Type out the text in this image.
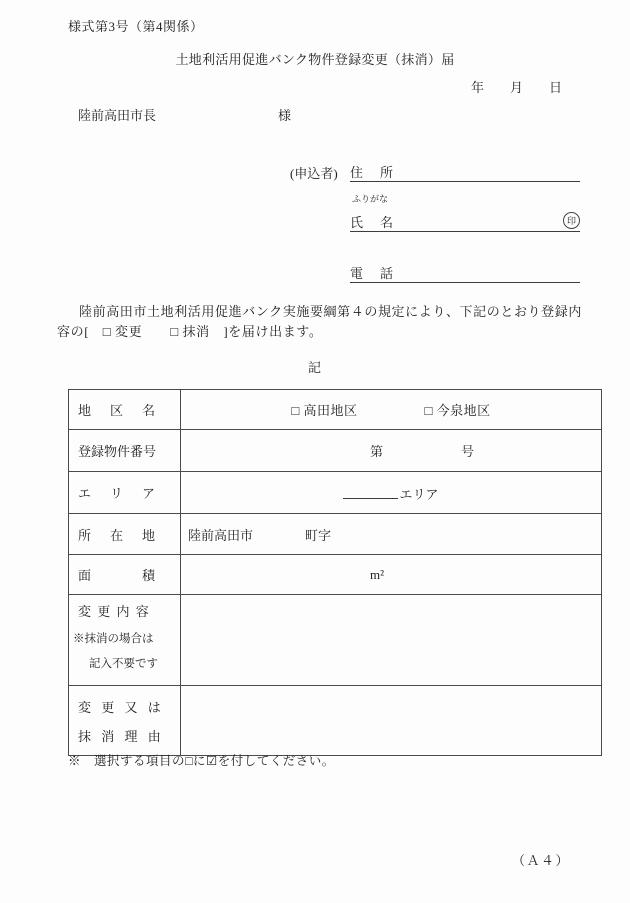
様式第3号（第4関係）
土地利活用促進バンク物件登録変更（抹消）届
年　　月　　日
陸前高田市長	様
(申込者) 住　所
ふりがな
氏　名	印
電　話
陸前高田市土地利活用促進バンク実施要綱第４の規定により、下記のとおり登録内
容の[　□ 変更 □ 抹消　]を届け出ます。
記
地　区　名	□ 高田地区 □ 今泉地区
登録物件番号	第　　　　　　号
エ　リ　ア	エリア
所　在　地	陸前高田市 町字
面　　　積	m²

変 更 内 容
※抹消の場合は
記入不要です	

変 更 又 は
抹 消 理 由	

※　選択する項目の□に☑を付してください。
（Ａ４）
